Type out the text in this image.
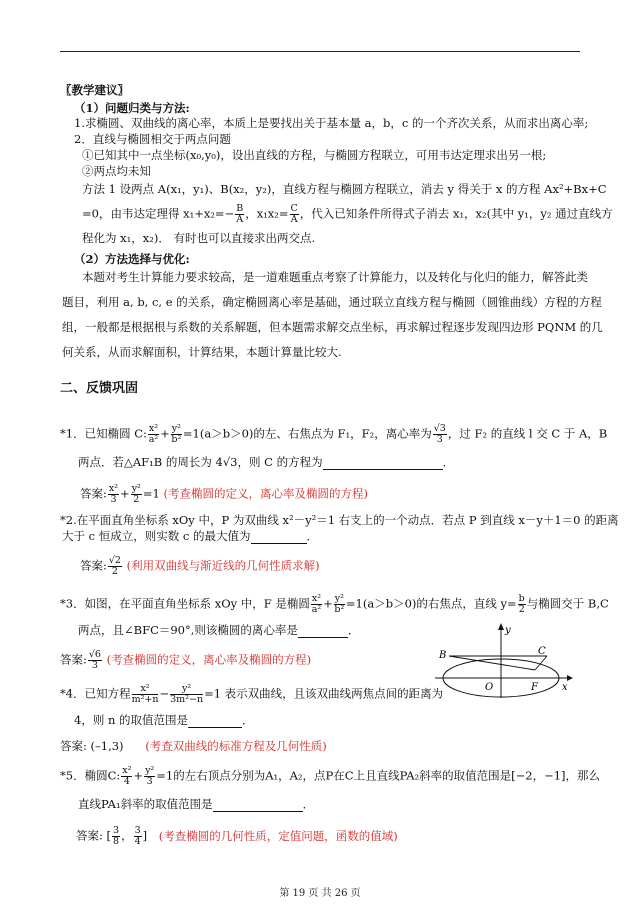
〖教学建议〗
（1）问题归类与方法:
1.求椭圆、双曲线的离心率，本质上是要找出关于基本量 a，b，c 的一个齐次关系，从而求出离心率;
2．直线与椭圆相交于两点问题
①已知其中一点坐标(x₀,y₀)，设出直线的方程，与椭圆方程联立，可用韦达定理求出另一根;
②两点均未知
方法 1 设两点 A(x₁，y₁)、B(x₂，y₂)，直线方程与椭圆方程联立，消去 y 得关于 x 的方程 Ax²+Bx+C
=0，由韦达定理得 $x_1+x_2=- \frac{B}{A}$ ，$x_1x_2= \frac{C}{A}$ ，代入已知条件所得式子消去 x₁，x₂(其中 y₁，y₂ 通过直线方
程化为 x₁，x₂)． 有时也可以直接求出两交点.
（2）方法选择与优化:
本题对考生计算能力要求较高，是一道难题重点考察了计算能力，以及转化与化归的能力，解答此类
题目，利用 a, b, c, e 的关系，确定椭圆离心率是基础，通过联立直线方程与椭圆（圆锥曲线）方程的方程
组，一般都是根据根与系数的关系解题，但本题需求解交点坐标，再求解过程逐步发现四边形 PQNM 的几
何关系，从而求解面积，计算结果，本题计算量比较大.
二、反馈巩固
*1．已知椭圆 C: $\frac{\text{x²}}{\text{a²}} + \frac{\text{y²}}{\text{b²}} =1(a>b>0)$的左、右焦点为 F₁，F₂，离心率为 $\frac{√3}{3}$ ，过 F₂ 的直线 l 交 C 于 A，B
两点．若△AF₁B 的周长为 4√3，则 C 的方程为	．
答案: $\frac{\text{x²}}{3} + \frac{\text{y²}}{2} =1$ (考查椭圆的定义，离心率及椭圆的方程)
*2.在平面直角坐标系 xOy 中，P 为双曲线 x²－y²＝1 右支上的一个动点．若点 P 到直线 x－y＋1＝0 的距离
大于 c 恒成立，则实数 c 的最大值为	．
答案: $\frac{√2}{2}$ (利用双曲线与渐近线的几何性质求解)
*3．如图，在平面直角坐标系 xOy 中，F 是椭圆 $\frac{\text{x²}}{\text{a²}} + \frac{\text{y²}}{\text{b²}} =1(a>b>0)$的右焦点，直线 $y= \frac{b}{2}$ 与椭圆交于 B,C
两点，且∠BFC＝90°,则该椭圆的离心率是	．
答案: $\frac{√6}{3}$ (考查椭圆的定义，离心率及椭圆的方程)
y
B	C
O	F x
*4．已知方程 $\frac{\text{x²}}{\text{m²+n}} - \frac{\text{y²}}{\text{3m²−n}} =1$ 表示双曲线，且该双曲线两焦点间的距离为
4，则 n 的取值范围是	．
答案: (–1,3) (考查双曲线的标准方程及几何性质)
*5．椭圆C: $\frac{\text{x²}}{4} + \frac{\text{y²}}{3} =1$的左右顶点分别为A₁，A₂，点P在C上且直线PA₂斜率的取值范围是[−2，−1]，那么
直线PA₁斜率的取值范围是	．
答案: [ $\frac{3}{8}$ ， $\frac{3}{4}$ ] (考查椭圆的几何性质，定值问题，函数的值域)
第 19 页 共 26 页
